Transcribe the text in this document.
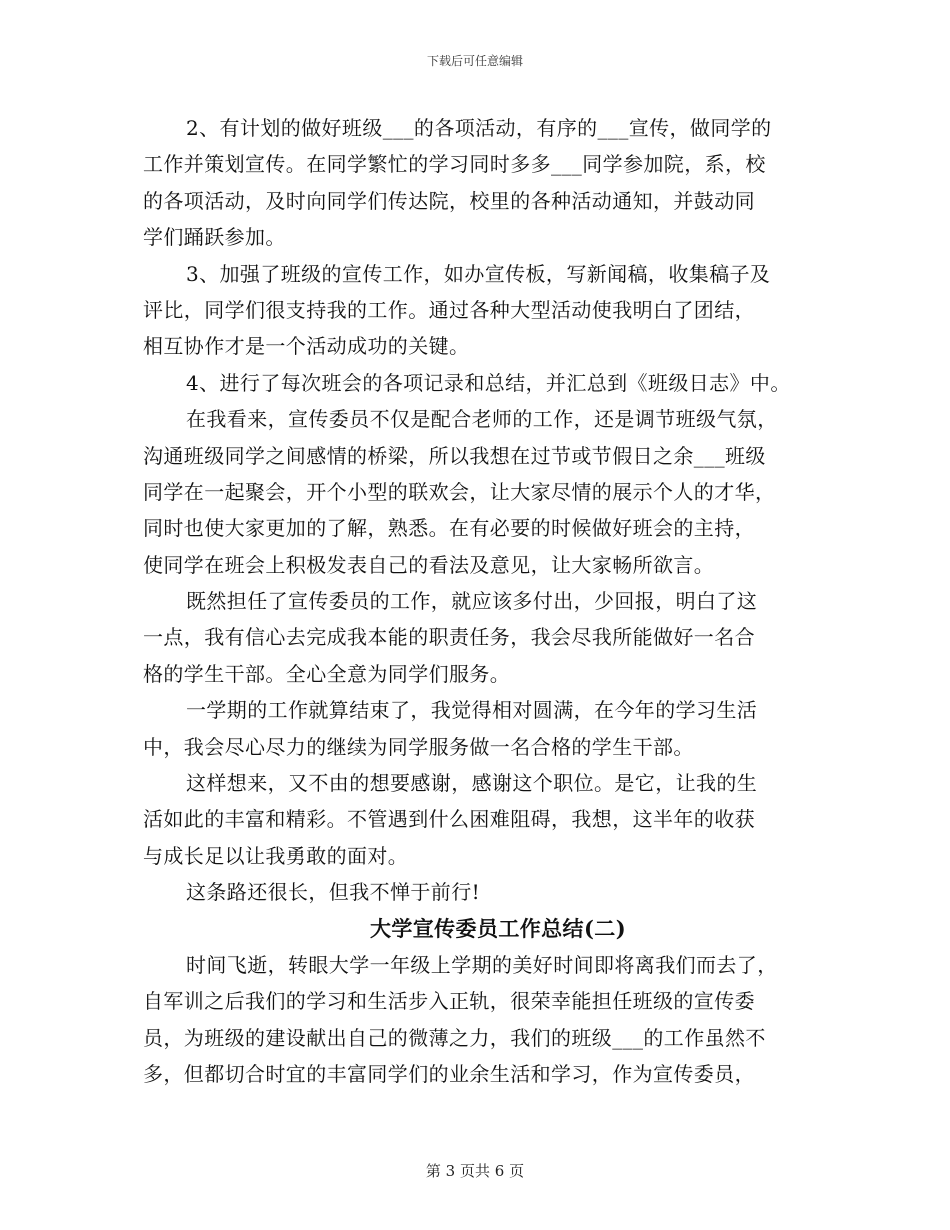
下载后可任意编辑
2、有计划的做好班级___的各项活动，有序的___宣传，做同学的
工作并策划宣传。在同学繁忙的学习同时多多___同学参加院，系，校
的各项活动，及时向同学们传达院，校里的各种活动通知，并鼓动同
学们踊跃参加。
3、加强了班级的宣传工作，如办宣传板，写新闻稿，收集稿子及
评比，同学们很支持我的工作。通过各种大型活动使我明白了团结，
相互协作才是一个活动成功的关键。
4、进行了每次班会的各项记录和总结，并汇总到《班级日志》中。
在我看来，宣传委员不仅是配合老师的工作，还是调节班级气氛，
沟通班级同学之间感情的桥梁，所以我想在过节或节假日之余___班级
同学在一起聚会，开个小型的联欢会，让大家尽情的展示个人的才华，
同时也使大家更加的了解，熟悉。在有必要的时候做好班会的主持，
使同学在班会上积极发表自己的看法及意见，让大家畅所欲言。
既然担任了宣传委员的工作，就应该多付出，少回报，明白了这
一点，我有信心去完成我本能的职责任务，我会尽我所能做好一名合
格的学生干部。全心全意为同学们服务。
一学期的工作就算结束了，我觉得相对圆满，在今年的学习生活
中，我会尽心尽力的继续为同学服务做一名合格的学生干部。
这样想来，又不由的想要感谢，感谢这个职位。是它，让我的生
活如此的丰富和精彩。不管遇到什么困难阻碍，我想，这半年的收获
与成长足以让我勇敢的面对。
这条路还很长，但我不惮于前行!
大学宣传委员工作总结(二)
时间飞逝，转眼大学一年级上学期的美好时间即将离我们而去了，
自军训之后我们的学习和生活步入正轨，很荣幸能担任班级的宣传委
员，为班级的建设献出自己的微薄之力，我们的班级___的工作虽然不
多，但都切合时宜的丰富同学们的业余生活和学习，作为宣传委员，
第 3 页共 6 页
